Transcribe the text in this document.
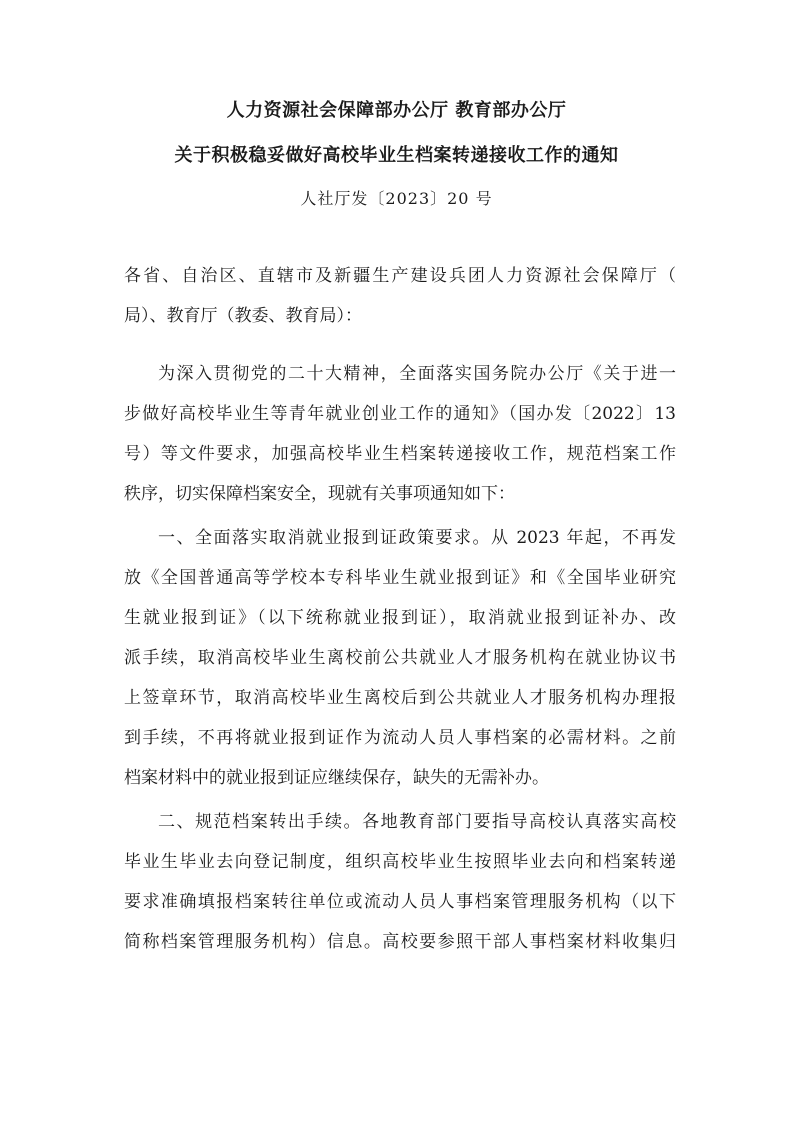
人力资源社会保障部办公厅 教育部办公厅
关于积极稳妥做好高校毕业生档案转递接收工作的通知
人社厅发〔2023〕20 号
各省、自治区、直辖市及新疆生产建设兵团人力资源社会保障厅（
局）、教育厅（教委、教育局）：
为深入贯彻党的二十大精神，全面落实国务院办公厅《关于进一
步做好高校毕业生等青年就业创业工作的通知》（国办发〔2022〕13
号）等文件要求，加强高校毕业生档案转递接收工作，规范档案工作
秩序，切实保障档案安全，现就有关事项通知如下：
一、全面落实取消就业报到证政策要求。从 2023 年起，不再发
放《全国普通高等学校本专科毕业生就业报到证》和《全国毕业研究
生就业报到证》（以下统称就业报到证），取消就业报到证补办、改
派手续，取消高校毕业生离校前公共就业人才服务机构在就业协议书
上签章环节，取消高校毕业生离校后到公共就业人才服务机构办理报
到手续，不再将就业报到证作为流动人员人事档案的必需材料。之前
档案材料中的就业报到证应继续保存，缺失的无需补办。
二、规范档案转出手续。各地教育部门要指导高校认真落实高校
毕业生毕业去向登记制度，组织高校毕业生按照毕业去向和档案转递
要求准确填报档案转往单位或流动人员人事档案管理服务机构（以下
简称档案管理服务机构）信息。高校要参照干部人事档案材料收集归
